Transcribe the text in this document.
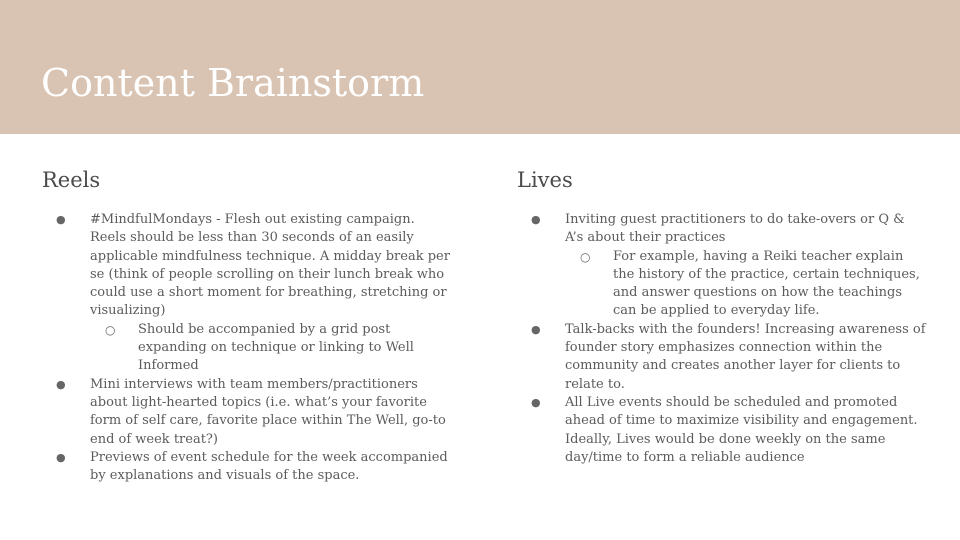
Content Brainstorm
Reels
● #MindfulMondays - Flesh out existing campaign. Reels should be less than 30 seconds of an easily applicable mindfulness technique. A midday break per se (think of people scrolling on their lunch break who could use a short moment for breathing, stretching or visualizing)
○ Should be accompanied by a grid post expanding on technique or linking to Well Informed
● Mini interviews with team members/practitioners about light-hearted topics (i.e. what’s your favorite form of self care, favorite place within The Well, go-to end of week treat?)
● Previews of event schedule for the week accompanied by explanations and visuals of the space.
Lives
● Inviting guest practitioners to do take-overs or Q & A’s about their practices
○ For example, having a Reiki teacher explain the history of the practice, certain techniques, and answer questions on how the teachings can be applied to everyday life.
● Talk-backs with the founders! Increasing awareness of founder story emphasizes connection within the community and creates another layer for clients to relate to.
● All Live events should be scheduled and promoted ahead of time to maximize visibility and engagement. Ideally, Lives would be done weekly on the same day/time to form a reliable audience
